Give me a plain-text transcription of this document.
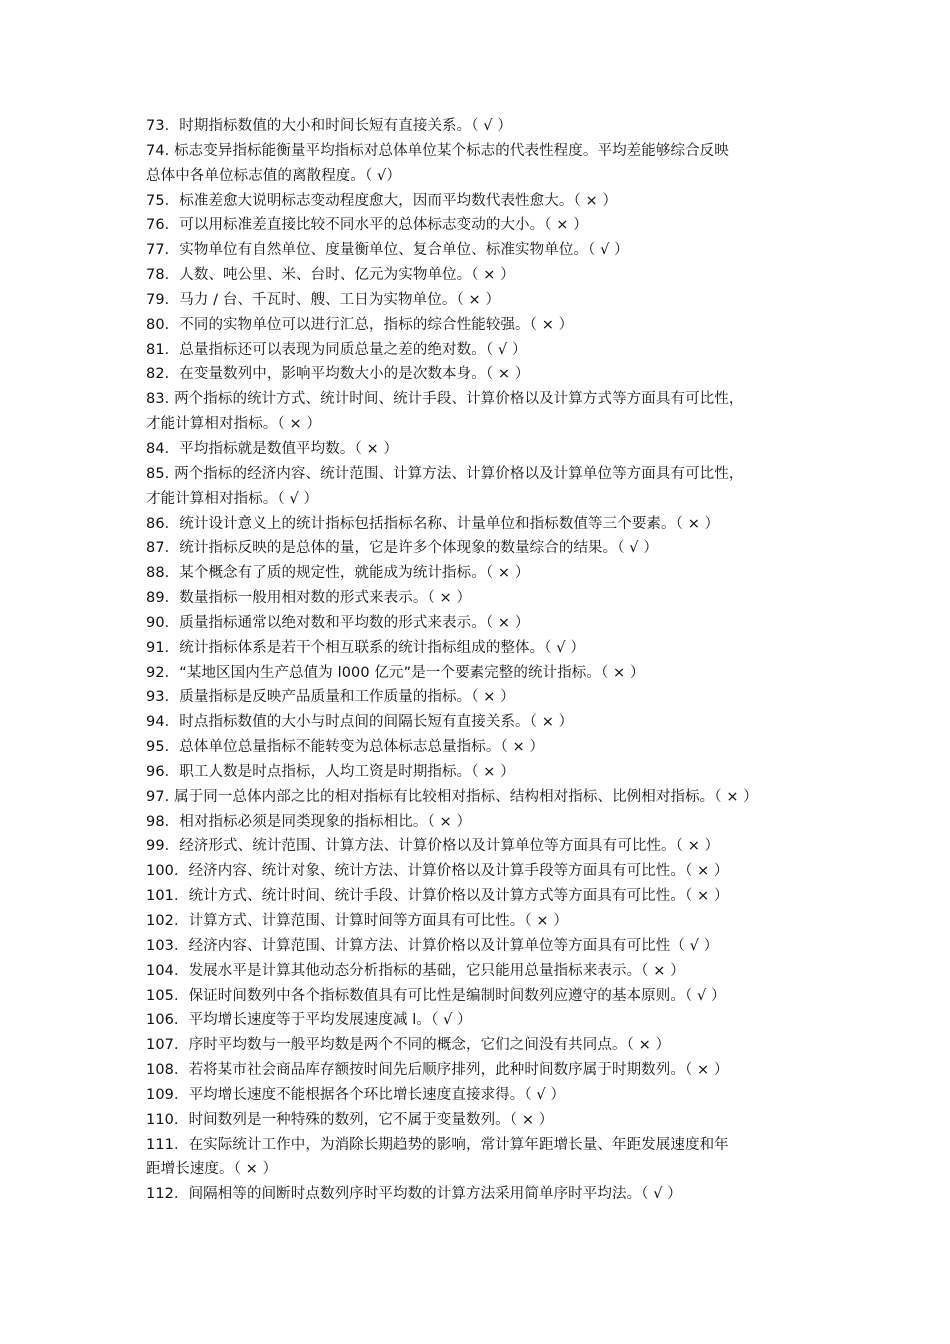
73．时期指标数值的大小和时间长短有直接关系。（ √ ）
74. 标志变异指标能衡量平均指标对总体单位某个标志的代表性程度。平均差能够综合反映
总体中各单位标志值的离散程度。（ √）
75．标准差愈大说明标志变动程度愈大，因而平均数代表性愈大。（ × ）
76．可以用标准差直接比较不同水平的总体标志变动的大小。（ × ）
77．实物单位有自然单位、度量衡单位、复合单位、标准实物单位。（ √ ）
78．人数、吨公里、米、台时、亿元为实物单位。（ × ）
79．马力 / 台、千瓦时、艘、工日为实物单位。（ × ）
80．不同的实物单位可以进行汇总，指标的综合性能较强。（ × ）
81．总量指标还可以表现为同质总量之差的绝对数。（ √ ）
82．在变量数列中，影响平均数大小的是次数本身。（ × ）
83. 两个指标的统计方式、统计时间、统计手段、计算价格以及计算方式等方面具有可比性，
才能计算相对指标。（ × ）
84．平均指标就是数值平均数。（ × ）
85. 两个指标的经济内容、统计范围、计算方法、计算价格以及计算单位等方面具有可比性，
才能计算相对指标。（ √ ）
86．统计设计意义上的统计指标包括指标名称、计量单位和指标数值等三个要素。（ × ）
87．统计指标反映的是总体的量，它是许多个体现象的数量综合的结果。（ √ ）
88．某个概念有了质的规定性，就能成为统计指标。（ × ）
89．数量指标一般用相对数的形式来表示。（ × ）
90．质量指标通常以绝对数和平均数的形式来表示。（ × ）
91．统计指标体系是若干个相互联系的统计指标组成的整体。（ √ ）
92．“某地区国内生产总值为 l000 亿元”是一个要素完整的统计指标。（ × ）
93．质量指标是反映产品质量和工作质量的指标。（ × ）
94．时点指标数值的大小与时点间的间隔长短有直接关系。（ × ）
95．总体单位总量指标不能转变为总体标志总量指标。（ × ）
96．职工人数是时点指标，人均工资是时期指标。（ × ）
97. 属于同一总体内部之比的相对指标有比较相对指标、结构相对指标、比例相对指标。（ × ）
98．相对指标必须是同类现象的指标相比。（ × ）
99．经济形式、统计范围、计算方法、计算价格以及计算单位等方面具有可比性。（ × ）
100．经济内容、统计对象、统计方法、计算价格以及计算手段等方面具有可比性。（ × ）
101．统计方式、统计时间、统计手段、计算价格以及计算方式等方面具有可比性。（ × ）
102．计算方式、计算范围、计算时间等方面具有可比性。（ × ）
103．经济内容、计算范围、计算方法、计算价格以及计算单位等方面具有可比性（ √ ）
104．发展水平是计算其他动态分析指标的基础，它只能用总量指标来表示。（ × ）
105．保证时间数列中各个指标数值具有可比性是编制时间数列应遵守的基本原则。（ √ ）
106．平均增长速度等于平均发展速度减 l。（ √ ）
107．序时平均数与一般平均数是两个不同的概念，它们之间没有共同点。（ × ）
108．若将某市社会商品库存额按时间先后顺序排列，此种时间数序属于时期数列。（ × ）
109．平均增长速度不能根据各个环比增长速度直接求得。（ √ ）
110．时间数列是一种特殊的数列，它不属于变量数列。（ × ）
111．在实际统计工作中，为消除长期趋势的影响，常计算年距增长量、年距发展速度和年
距增长速度。（ × ）
112．间隔相等的间断时点数列序时平均数的计算方法采用简单序时平均法。（ √ ）
